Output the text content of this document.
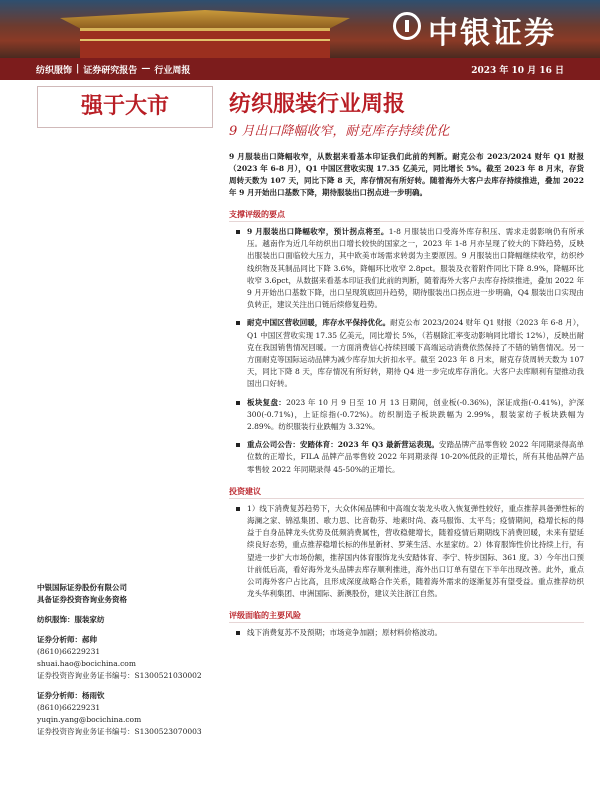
中银证券
纺织服饰 | 证券研究报告 — 行业周报	2023 年 10 月 16 日
强于大市
中银国际证券股份有限公司
具备证券投资咨询业务资格
纺织服饰：服装家纺
证券分析师：郝帅
(8610)66229231
shuai.hao@bocichina.com
证券投资咨询业务证书编号：S1300521030002
证券分析师：杨雨钦
(8610)66229231
yuqin.yang@bocichina.com
证券投资咨询业务证书编号：S1300523070003
纺织服装行业周报
9 月出口降幅收窄，耐克库存持续优化
9 月服装出口降幅收窄，从数据来看基本印证我们此前的判断。耐克公布 2023/2024 财年 Q1 财报（2023 年 6-8 月），Q1 中国区营收实现 17.35 亿美元，同比增长 5%。截至 2023 年 8 月末，存货周转天数为 107 天，同比下降 8 天，库存情况有所好转。随着海外大客户去库存持续推进，叠加 2022 年 9 月开始出口基数下降，期待服装出口拐点进一步明确。
支撑评级的要点
9 月服装出口降幅收窄，预计拐点将至。1-8 月服装出口受海外库存积压、需求走弱影响仍有所承压。越南作为近几年纺织出口增长较快的国家之一，2023 年 1-8 月亦呈现了较大的下降趋势，反映出服装出口面临较大压力，其中欧美市场需求转弱为主要原因。9 月服装出口降幅继续收窄，纺织纱线织物及其制品同比下降 3.6%，降幅环比收窄 2.8pct。服装及衣着附件同比下降 8.9%，降幅环比收窄 3.6pct，从数据来看基本印证我们此前的判断，随着海外大客户去库存持续推进，叠加 2022 年 9 月开始出口基数下降，出口呈现筑底回升趋势，期待服装出口拐点进一步明确，Q4 服装出口实现由负转正，建议关注出口链后续修复趋势。
耐克中国区营收回暖，库存水平保持优化。耐克公布 2023/2024 财年 Q1 财报（2023 年 6-8 月），Q1 中国区营收实现 17.35 亿美元，同比增长 5%，（若剔除汇率变动影响同比增长 12%），反映出耐克在我国销售情况回暖。一方面消费信心持续回暖下高端运动消费依然保持了不错的销售情况。另一方面耐克等国际运动品牌为减少库存加大折扣水平。截至 2023 年 8 月末，耐克存货周转天数为 107 天，同比下降 8 天，库存情况有所好转，期待 Q4 进一步完成库存消化。大客户去库顺利有望推动我国出口好转。
板块复盘：2023 年 10 月 9 日至 10 月 13 日期间，创业板(-0.36%)，深证成指(-0.41%)，沪深 300(-0.71%)，上证综指(-0.72%)。纺织制造子板块跌幅为 2.99%，服装家纺子板块跌幅为 2.89%。纺织服装行业跌幅为 3.32%。
重点公司公告：安踏体育：2023 年 Q3 最新营运表现。安踏品牌产品零售较 2022 年同期录得高单位数的正增长，FILA 品牌产品零售较 2022 年同期录得 10-20%低段的正增长，所有其他品牌产品零售较 2022 年同期录得 45-50%的正增长。
投资建议
1）线下消费复苏趋势下，大众休闲品牌和中高端女装龙头收入恢复弹性较好，重点推荐具备弹性标的海澜之家、锦泓集团、歌力思、比音勒芬、地素时尚、森马服饰、太平鸟；疫情期间，稳增长标的得益于自身品牌龙头优势及低频消费属性，营收稳健增长，随着疫情后期期线下消费回暖，未来有望延续良好态势，重点推荐稳增长标的伟星新材、罗莱生活、水星家纺。2）体育服饰性价比持续上行，有望进一步扩大市场份额，推荐国内体育服饰龙头安踏体育、李宁、特步国际、361 度。3）今年出口预计前低后高，看好海外龙头品牌去库存顺利推进，海外出口订单有望在下半年出现改善。此外，重点公司海外客户占比高，且形成深度战略合作关系，随着海外需求的逐渐复苏有望受益。重点推荐纺织龙头华利集团、申洲国际、新澳股份，建议关注浙江自然。
评级面临的主要风险
线下消费复苏不及预期；市场竞争加剧；原材料价格波动。
